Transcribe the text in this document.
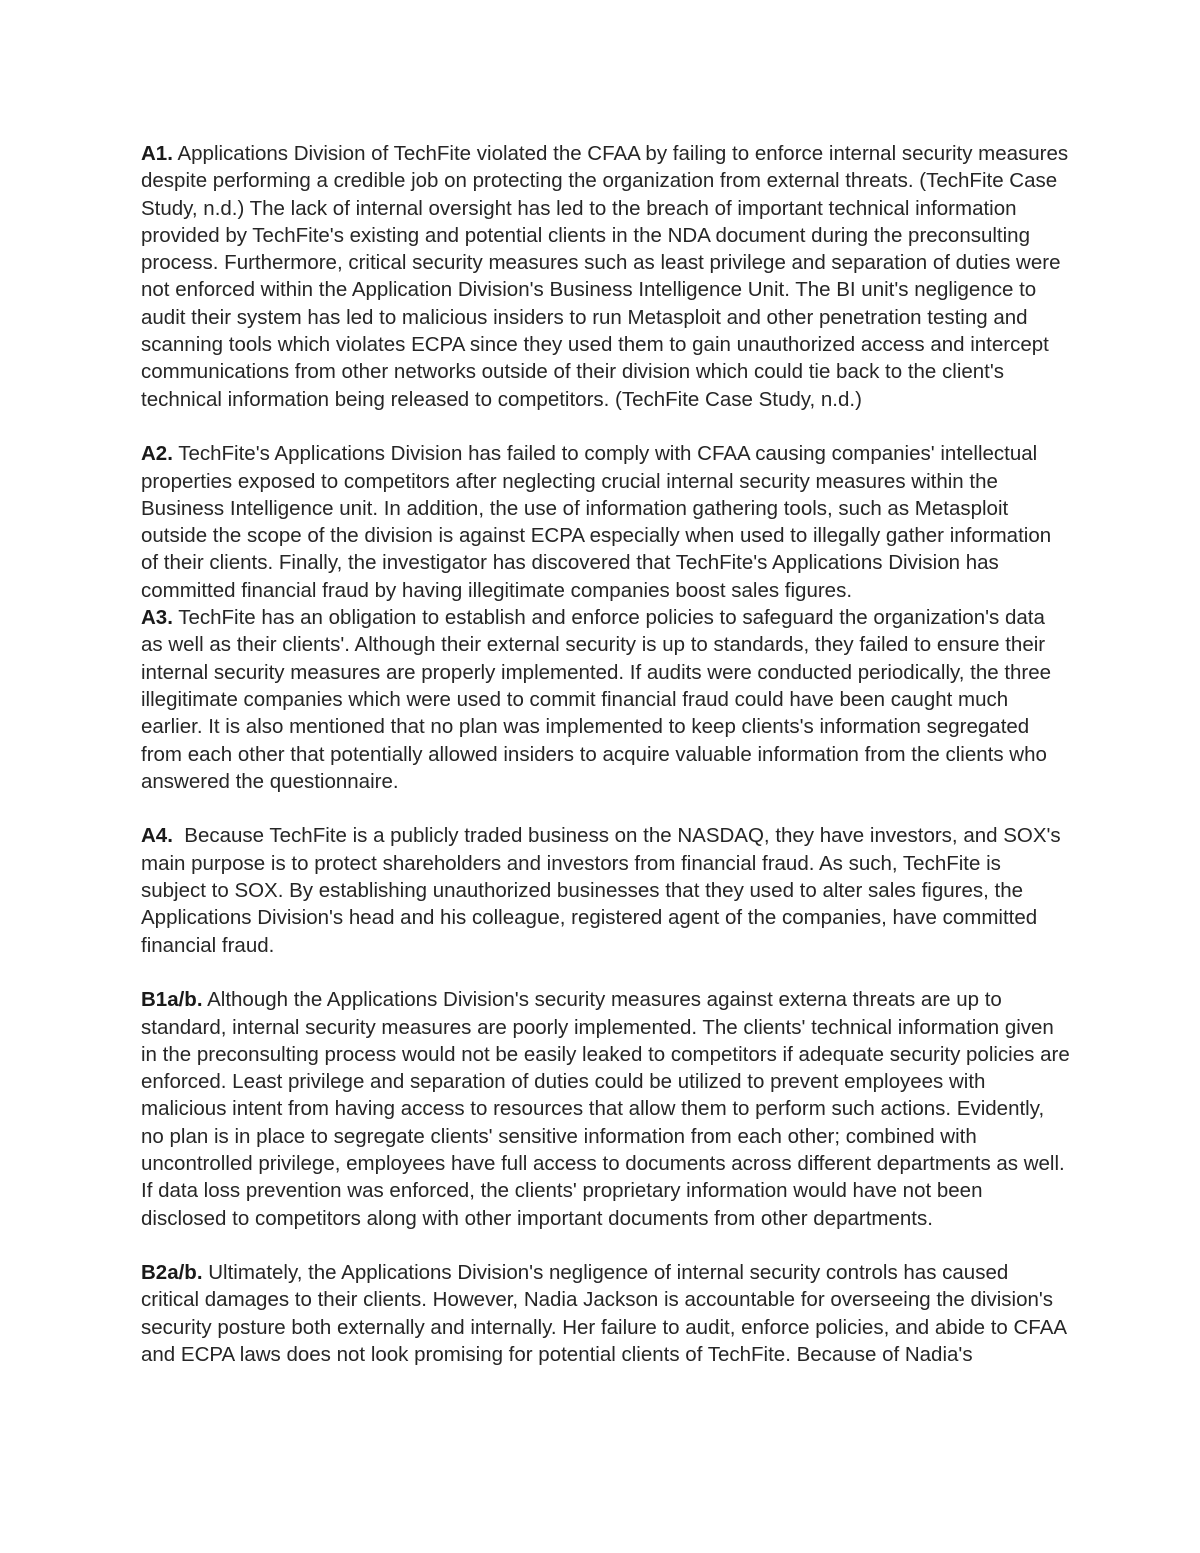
A1. Applications Division of TechFite violated the CFAA by failing to enforce internal security measures despite performing a credible job on protecting the organization from external threats. (TechFite Case Study, n.d.) The lack of internal oversight has led to the breach of important technical information provided by TechFite's existing and potential clients in the NDA document during the preconsulting process. Furthermore, critical security measures such as least privilege and separation of duties were not enforced within the Application Division's Business Intelligence Unit. The BI unit's negligence to audit their system has led to malicious insiders to run Metasploit and other penetration testing and scanning tools which violates ECPA since they used them to gain unauthorized access and intercept communications from other networks outside of their division which could tie back to the client's technical information being released to competitors. (TechFite Case Study, n.d.)

A2. TechFite's Applications Division has failed to comply with CFAA causing companies' intellectual properties exposed to competitors after neglecting crucial internal security measures within the Business Intelligence unit. In addition, the use of information gathering tools, such as Metasploit outside the scope of the division is against ECPA especially when used to illegally gather information of their clients. Finally, the investigator has discovered that TechFite's Applications Division has committed financial fraud by having illegitimate companies boost sales figures.

A3. TechFite has an obligation to establish and enforce policies to safeguard the organization's data as well as their clients'. Although their external security is up to standards, they failed to ensure their internal security measures are properly implemented. If audits were conducted periodically, the three illegitimate companies which were used to commit financial fraud could have been caught much earlier. It is also mentioned that no plan was implemented to keep clients's information segregated from each other that potentially allowed insiders to acquire valuable information from the clients who answered the questionnaire.

A4.  Because TechFite is a publicly traded business on the NASDAQ, they have investors, and SOX's main purpose is to protect shareholders and investors from financial fraud. As such, TechFite is subject to SOX. By establishing unauthorized businesses that they used to alter sales figures, the Applications Division's head and his colleague, registered agent of the companies, have committed financial fraud.

B1a/b. Although the Applications Division's security measures against externa threats are up to standard, internal security measures are poorly implemented. The clients' technical information given in the preconsulting process would not be easily leaked to competitors if adequate security policies are enforced. Least privilege and separation of duties could be utilized to prevent employees with malicious intent from having access to resources that allow them to perform such actions. Evidently, no plan is in place to segregate clients' sensitive information from each other; combined with uncontrolled privilege, employees have full access to documents across different departments as well. If data loss prevention was enforced, the clients' proprietary information would have not been disclosed to competitors along with other important documents from other departments.

B2a/b. Ultimately, the Applications Division's negligence of internal security controls has caused critical damages to their clients. However, Nadia Jackson is accountable for overseeing the division's security posture both externally and internally. Her failure to audit, enforce policies, and abide to CFAA and ECPA laws does not look promising for potential clients of TechFite. Because of Nadia's
